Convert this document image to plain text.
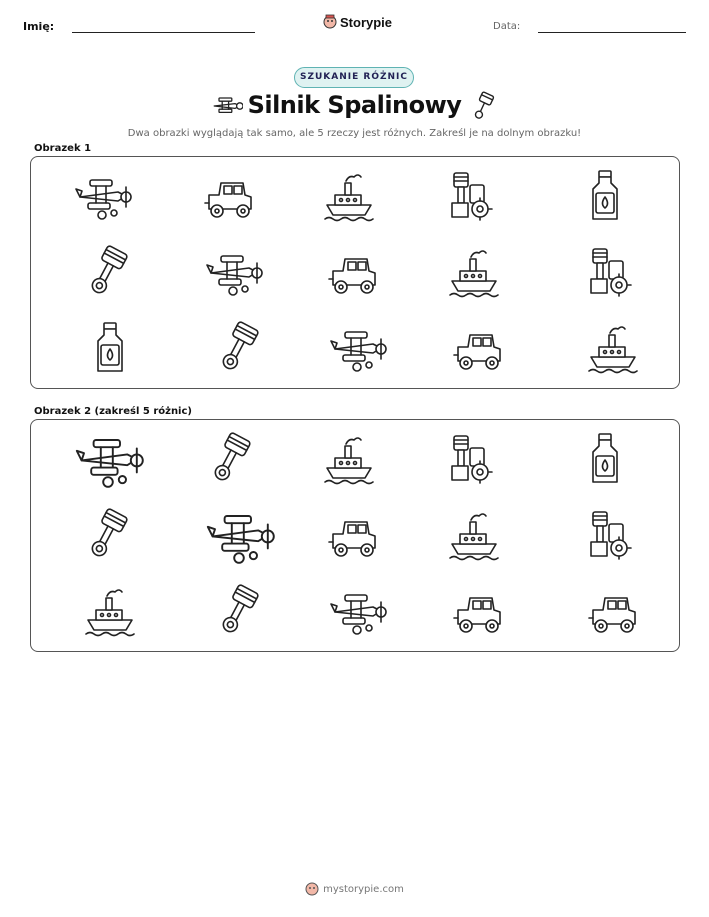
Imię:	Storypie	Data:
SZUKANIE RÓŻNIC
Silnik Spalinowy
Dwa obrazki wyglądają tak samo, ale 5 rzeczy jest różnych. Zakreśl je na dolnym obrazku!
Obrazek 1
Obrazek 2 (zakreśl 5 różnic)
mystorypie.com
